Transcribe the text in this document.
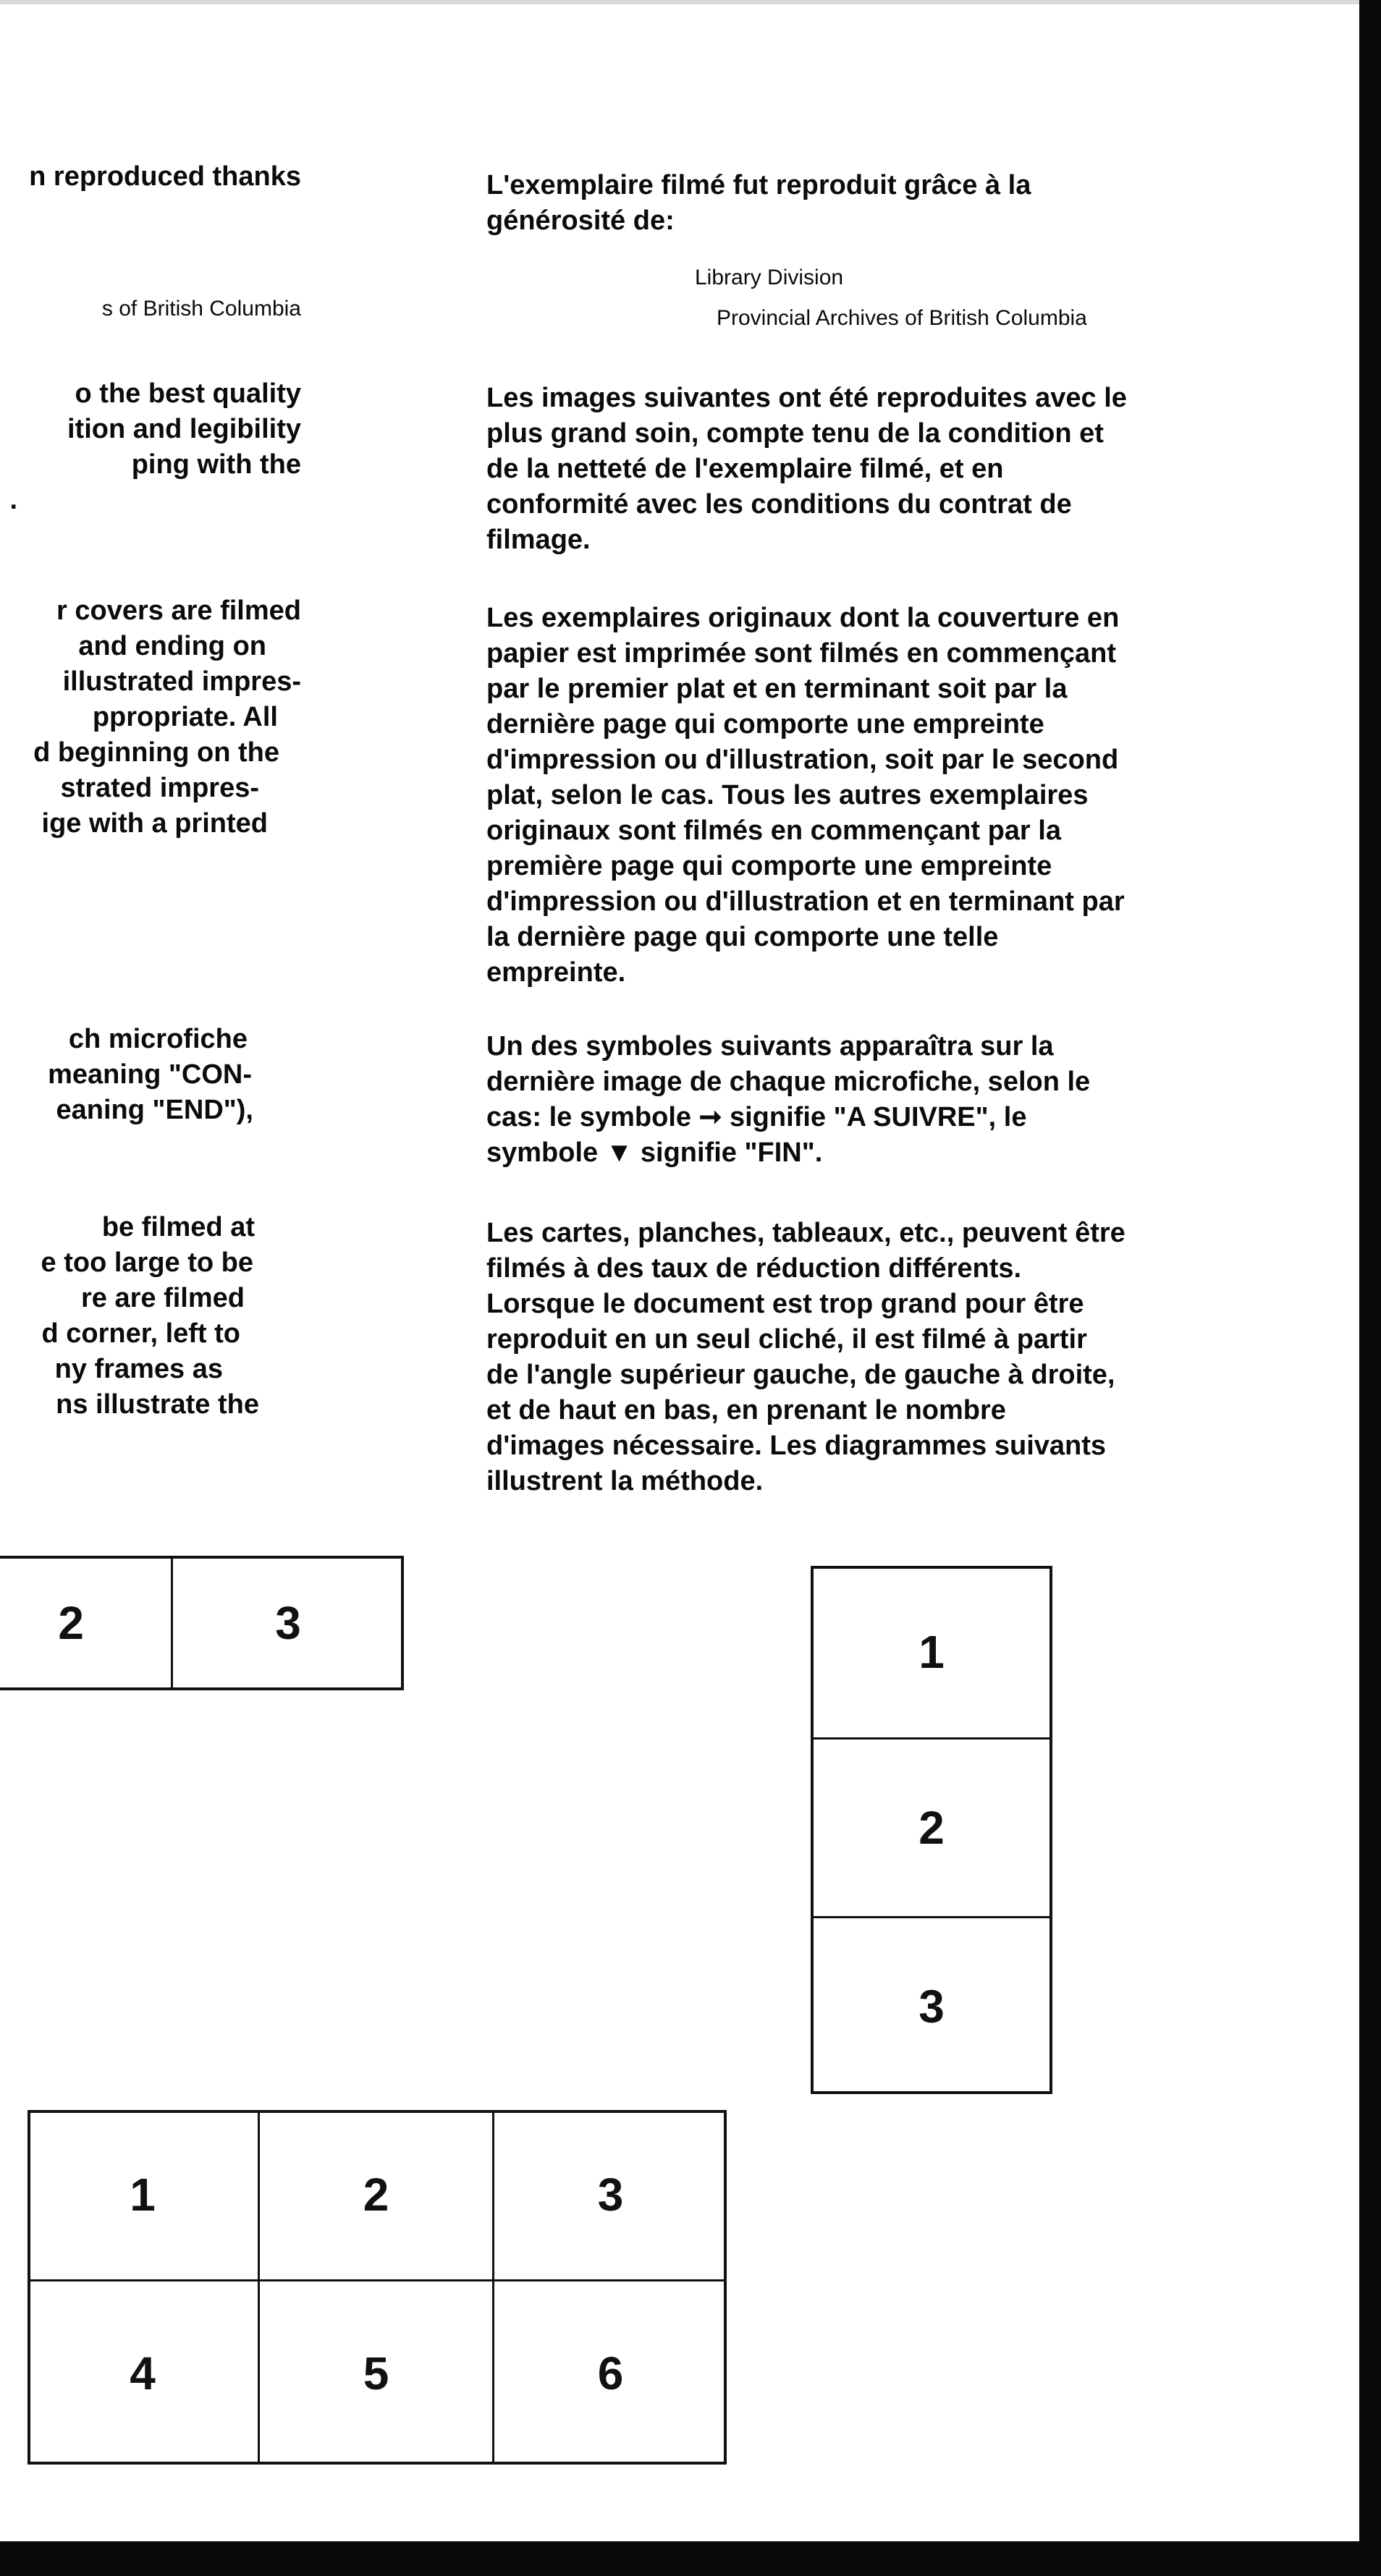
n reproduced thanks

s of British Columbia

o the best quality

ition and legibility

ping with the

.

r covers are filmed

and ending on

illustrated impres-

ppropriate. All

d beginning on the

strated impres-

ige with a printed

ch microfiche

meaning "CON-

eaning "END"),

be filmed at

e too large to be

re are filmed

d corner, left to

ny frames as

ns illustrate the

L'exemplaire filmé fut reproduit grâce à la

générosité de:

Library Division

Provincial Archives of British Columbia

Les images suivantes ont été reproduites avec le

plus grand soin, compte tenu de la condition et

de la netteté de l'exemplaire filmé, et en

conformité avec les conditions du contrat de

filmage.

Les exemplaires originaux dont la couverture en

papier est imprimée sont filmés en commençant

par le premier plat et en terminant soit par la

dernière page qui comporte une empreinte

d'impression ou d'illustration, soit par le second

plat, selon le cas. Tous les autres exemplaires

originaux sont filmés en commençant par la

première page qui comporte une empreinte

d'impression ou d'illustration et en terminant par

la dernière page qui comporte une telle

empreinte.

Un des symboles suivants apparaîtra sur la

dernière image de chaque microfiche, selon le

cas: le symbole ➞ signifie "A SUIVRE", le

symbole ▼ signifie "FIN".

Les cartes, planches, tableaux, etc., peuvent être

filmés à des taux de réduction différents.

Lorsque le document est trop grand pour être

reproduit en un seul cliché, il est filmé à partir

de l'angle supérieur gauche, de gauche à droite,

et de haut en bas, en prenant le nombre

d'images nécessaire. Les diagrammes suivants

illustrent la méthode.

2	3
1
2
3
1	2	3
4	5	6
